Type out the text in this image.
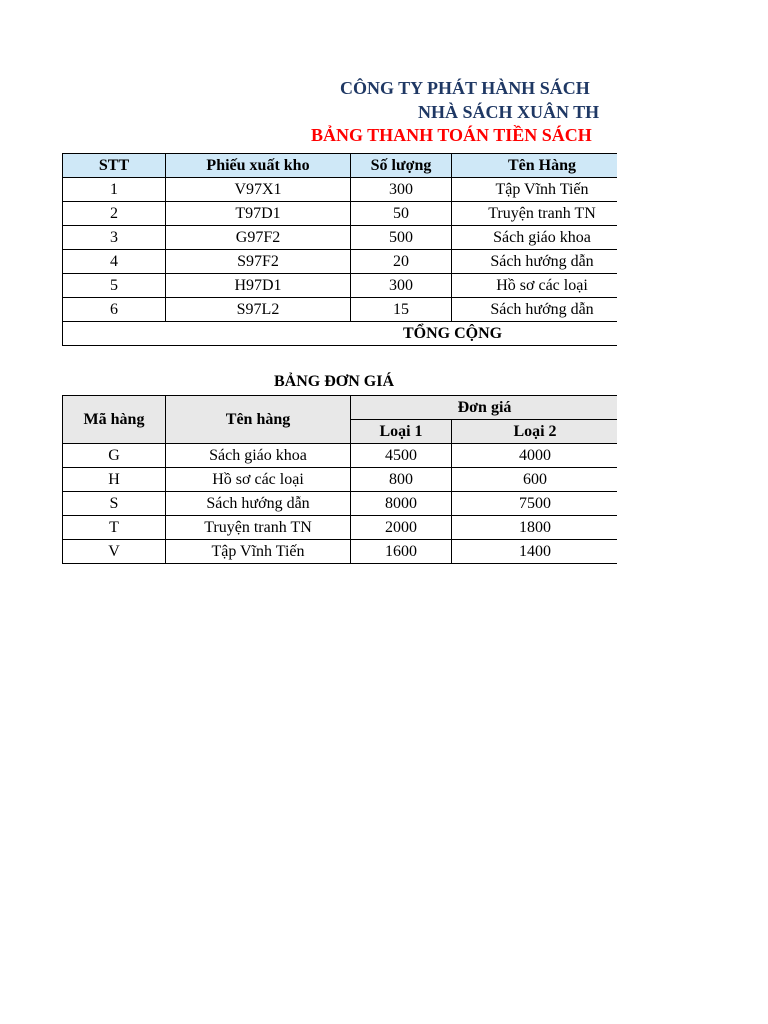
CÔNG TY PHÁT HÀNH SÁCH
NHÀ SÁCH XUÂN TH
BẢNG THANH TOÁN TIỀN SÁCH
STT	Phiếu xuất kho	Số lượng	Tên Hàng
1	V97X1	300	Tập Vĩnh Tiến
2	T97D1	50	Truyện tranh TN
3	G97F2	500	Sách giáo khoa
4	S97F2	20	Sách hướng dẫn
5	H97D1	300	Hồ sơ các loại
6	S97L2	15	Sách hướng dẫn
TỔNG CỘNG			
BẢNG ĐƠN GIÁ
Mã hàng	Tên hàng	Đơn giá	
		Loại 1	Loại 2
G	Sách giáo khoa	4500	4000
H	Hồ sơ các loại	800	600
S	Sách hướng dẫn	8000	7500
T	Truyện tranh TN	2000	1800
V	Tập Vĩnh Tiến	1600	1400
